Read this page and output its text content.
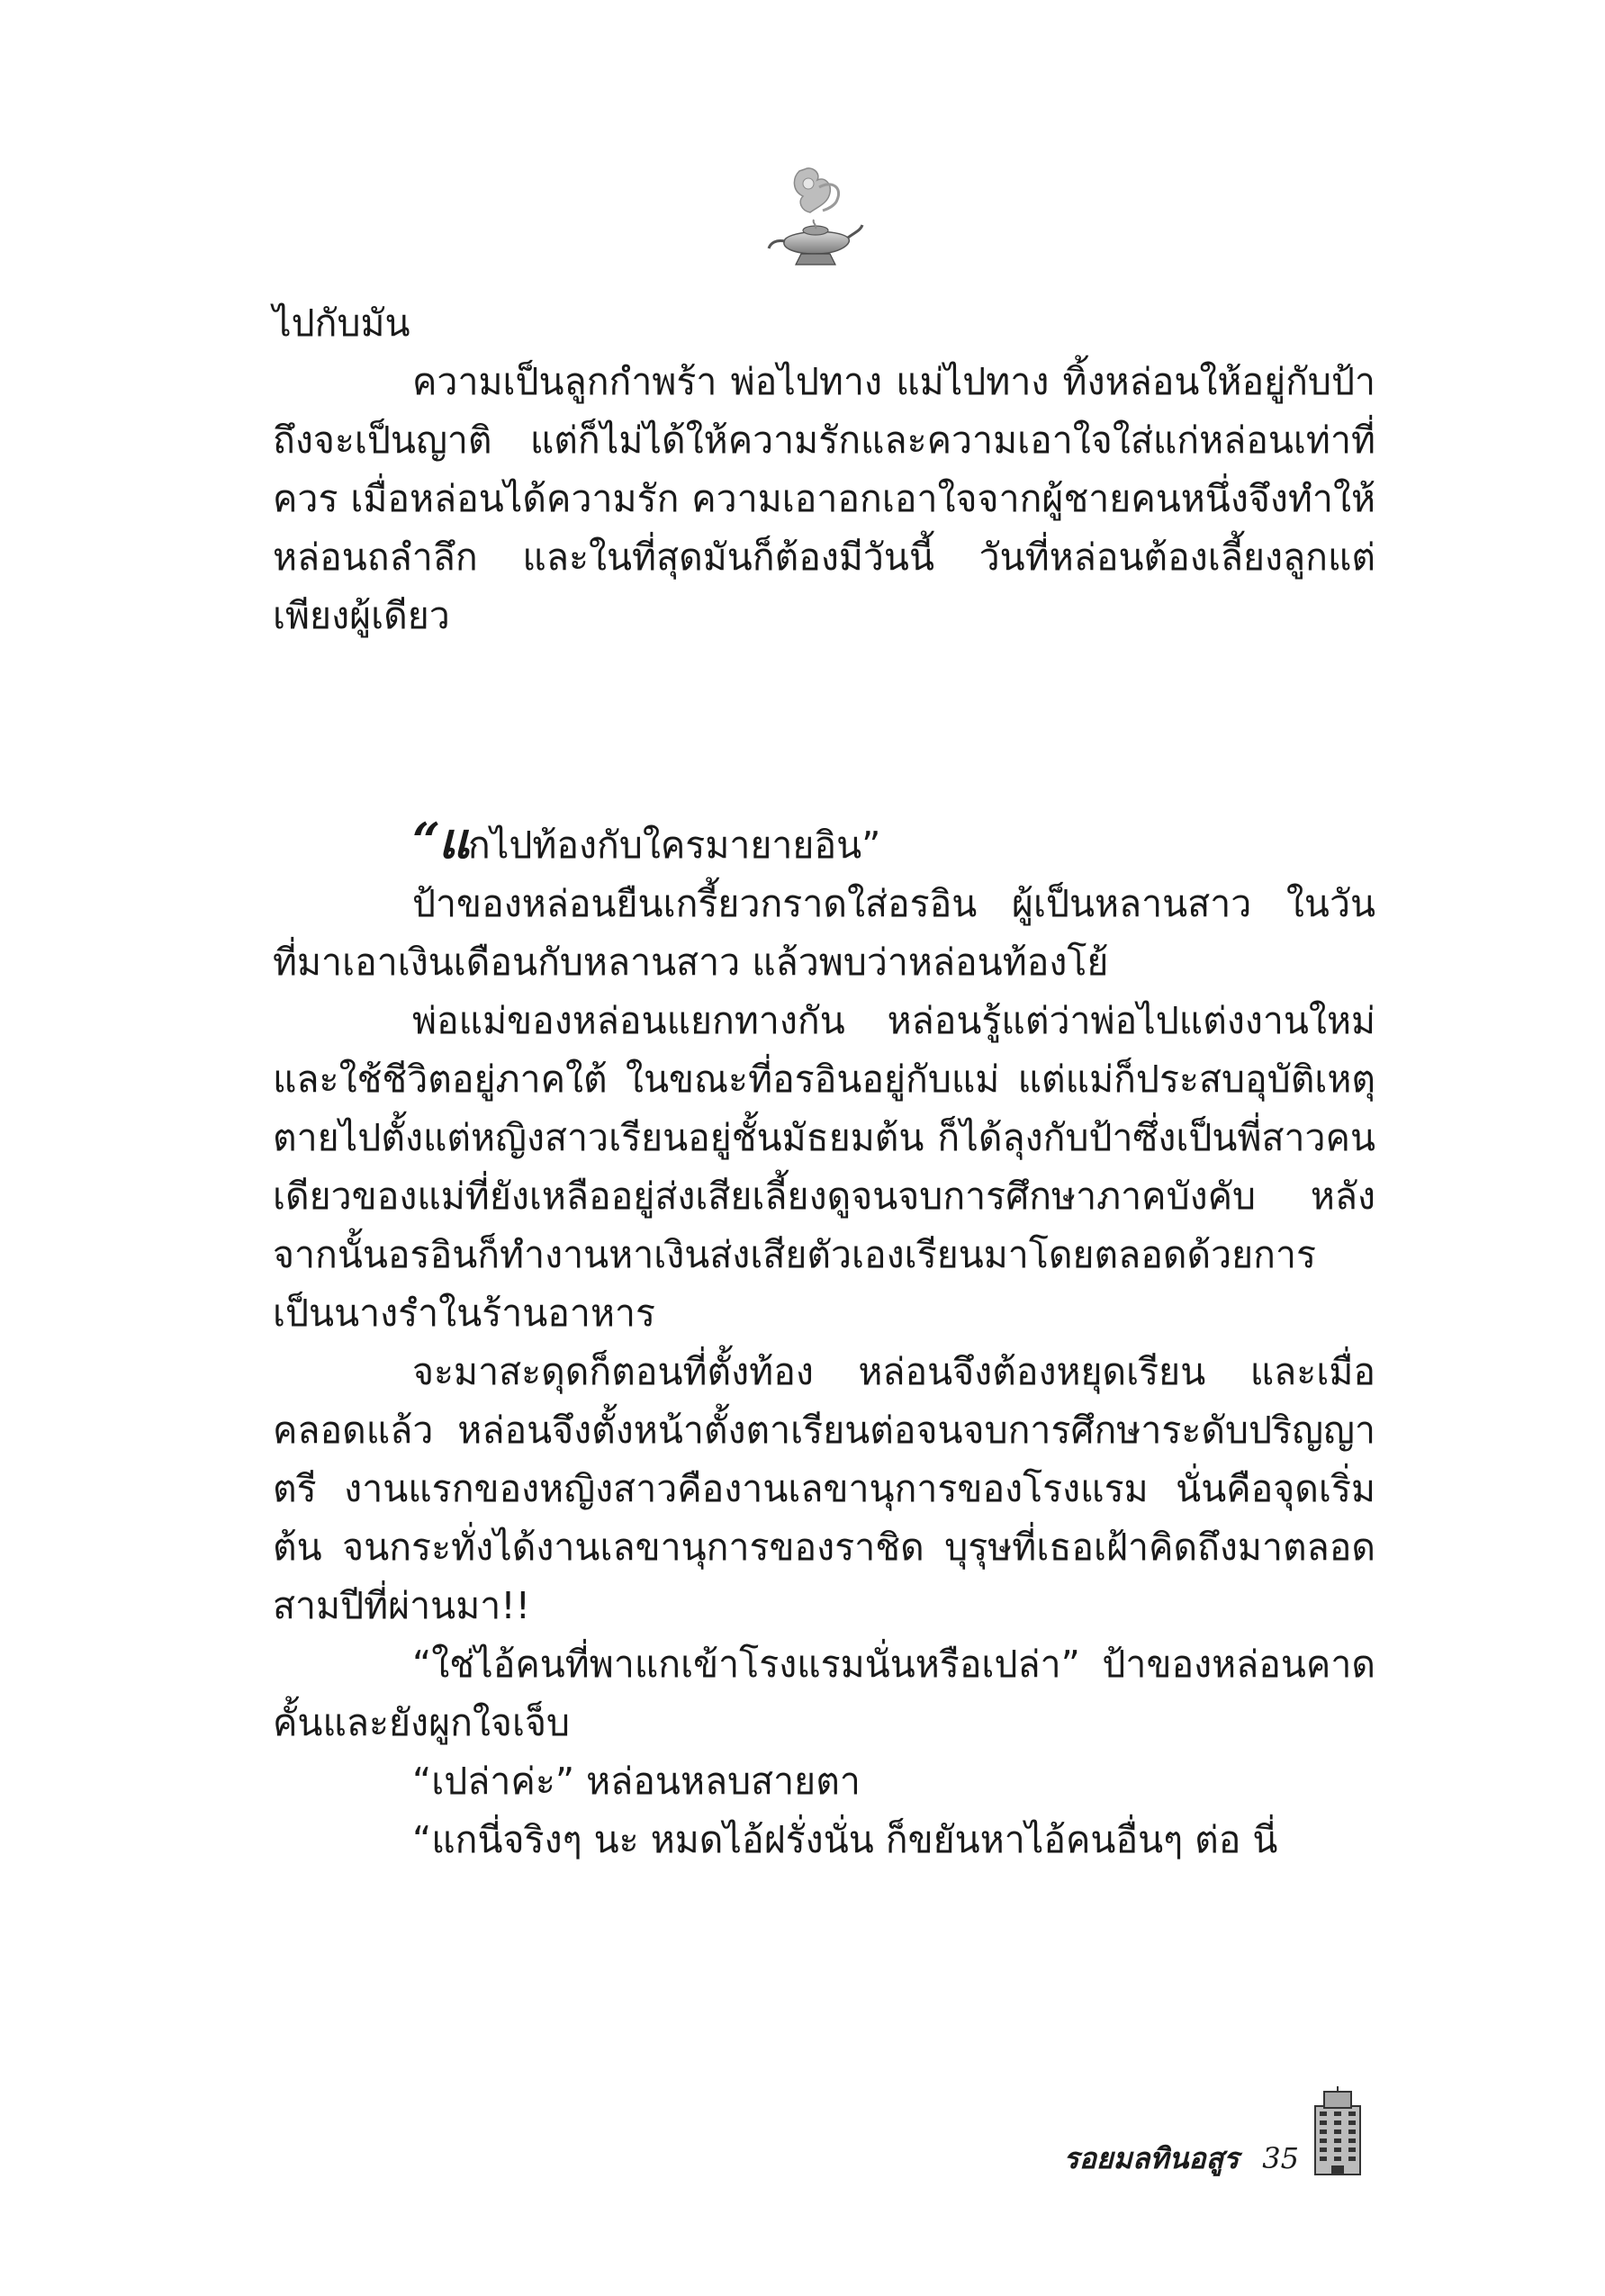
ไปกับมัน

ความเป็นลูกกำพร้า พ่อไปทาง แม่ไปทาง ทิ้งหล่อนให้อยู่กับป้า ถึงจะเป็นญาติ แต่ก็ไม่ได้ให้ความรักและความเอาใจใส่แก่หล่อนเท่าที่ควร เมื่อหล่อนได้ความรัก ความเอาอกเอาใจจากผู้ชายคนหนึ่งจึงทำให้หล่อนถลำลึก และในที่สุดมันก็ต้องมีวันนี้ วันที่หล่อนต้องเลี้ยงลูกแต่เพียงผู้เดียว

“แกไปท้องกับใครมายายอิน”

ป้าของหล่อนยืนเกรี้ยวกราดใส่อรอิน ผู้เป็นหลานสาว ในวันที่มาเอาเงินเดือนกับหลานสาว แล้วพบว่าหล่อนท้องโย้

พ่อแม่ของหล่อนแยกทางกัน หล่อนรู้แต่ว่าพ่อไปแต่งงานใหม่และใช้ชีวิตอยู่ภาคใต้ ในขณะที่อรอินอยู่กับแม่ แต่แม่ก็ประสบอุบัติเหตุตายไปตั้งแต่หญิงสาวเรียนอยู่ชั้นมัธยมต้น ก็ได้ลุงกับป้าซึ่งเป็นพี่สาวคนเดียวของแม่ที่ยังเหลืออยู่ส่งเสียเลี้ยงดูจนจบการศึกษาภาคบังคับ หลังจากนั้นอรอินก็ทำงานหาเงินส่งเสียตัวเองเรียนมาโดยตลอดด้วยการเป็นนางรำในร้านอาหาร

จะมาสะดุดก็ตอนที่ตั้งท้อง หล่อนจึงต้องหยุดเรียน และเมื่อคลอดแล้ว หล่อนจึงตั้งหน้าตั้งตาเรียนต่อจนจบการศึกษาระดับปริญญาตรี งานแรกของหญิงสาวคืองานเลขานุการของโรงแรม นั่นคือจุดเริ่มต้น จนกระทั่งได้งานเลขานุการของราชิด บุรุษที่เธอเฝ้าคิดถึงมาตลอดสามปีที่ผ่านมา!!

“ใช่ไอ้คนที่พาแกเข้าโรงแรมนั่นหรือเปล่า” ป้าของหล่อนคาดคั้นและยังผูกใจเจ็บ

“เปล่าค่ะ” หล่อนหลบสายตา

“แกนี่จริงๆ นะ หมดไอ้ฝรั่งนั่น ก็ขยันหาไอ้คนอื่นๆ ต่อ นี่

รอยมลทินอสูร 35
